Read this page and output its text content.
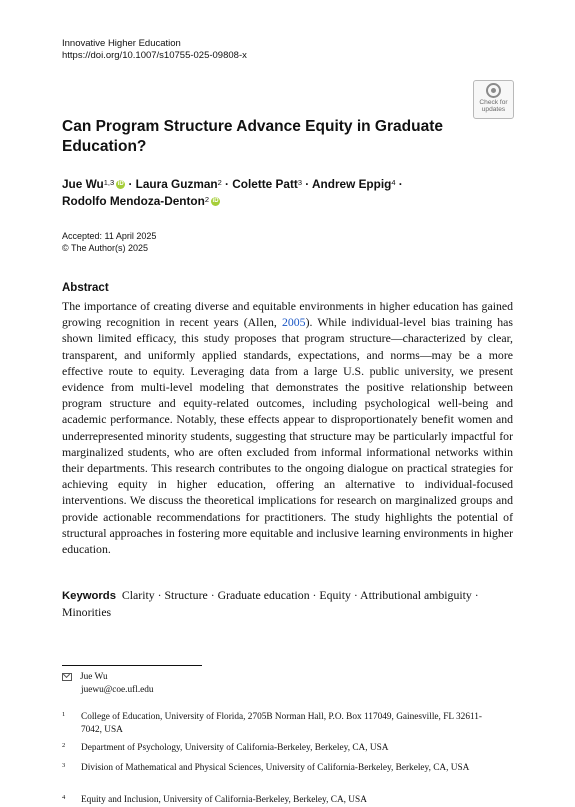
Innovative Higher Education
https://doi.org/10.1007/s10755-025-09808-x
Check for
updates
Can Program Structure Advance Equity in Graduate Education?
Jue Wu$^{1,3}$ iD · Laura Guzman$^2$ · Colette Patt$^3$ · Andrew Eppig$^4$ ·
Rodolfo Mendoza-Denton$^2$ iD
Accepted: 11 April 2025
© The Author(s) 2025
Abstract
The importance of creating diverse and equitable environments in higher education has gained growing recognition in recent years (Allen, 2005). While individual-level bias training has shown limited efficacy, this study proposes that program structure—characterized by clear, transparent, and uniformly applied standards, expectations, and norms—may be a more effective route to equity. Leveraging data from a large U.S. public university, we present evidence from multi-level modeling that demonstrates the positive relationship between program structure and equity-related outcomes, including psychological well-being and academic performance. Notably, these effects appear to disproportionately benefit women and underrepresented minority students, suggesting that structure may be particularly impactful for marginalized students, who are often excluded from informal informational networks within their departments. This research contributes to the ongoing dialogue on practical strategies for achieving equity in higher education, offering an alternative to individual-focused interventions. We discuss the theoretical implications for research on marginalized groups and provide actionable recommendations for practitioners. The study highlights the potential of structural approaches in fostering more equitable and inclusive learning environments in higher education.
Keywords Clarity · Structure · Graduate education · Equity · Attributional ambiguity · Minorities
Jue Wu
juewu@coe.ufl.edu
1 College of Education, University of Florida, 2705B Norman Hall, P.O. Box 117049, Gainesville, FL 32611-7042, USA
2 Department of Psychology, University of California-Berkeley, Berkeley, CA, USA
3 Division of Mathematical and Physical Sciences, University of California-Berkeley, Berkeley, CA, USA
4 Equity and Inclusion, University of California-Berkeley, Berkeley, CA, USA
